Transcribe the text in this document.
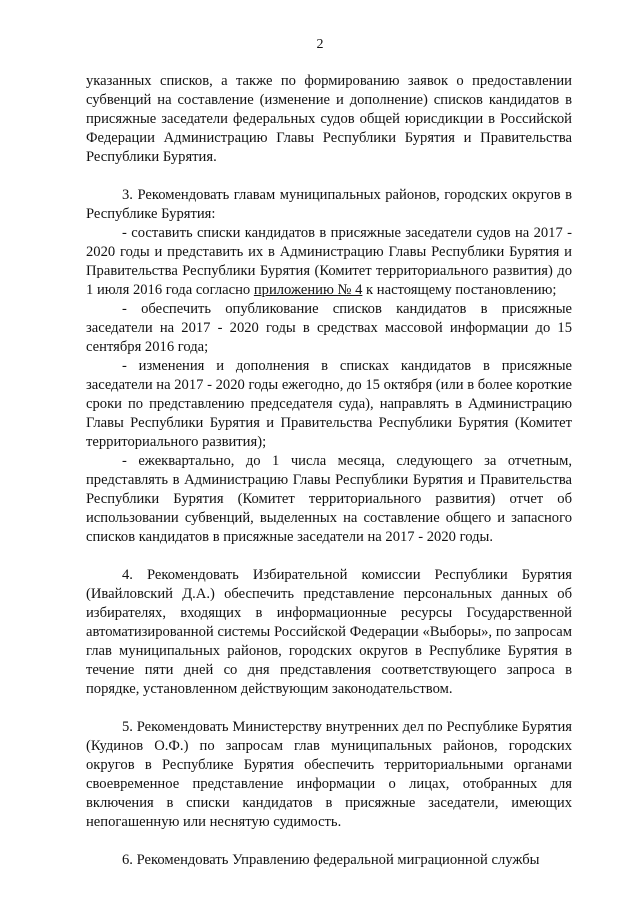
2

указанных списков, а также по формированию заявок о предоставлении субвенций на составление (изменение и дополнение) списков кандидатов в присяжные заседатели федеральных судов общей юрисдикции в Российской Федерации Администрацию Главы Республики Бурятия и Правительства Республики Бурятия.

3. Рекомендовать главам муниципальных районов, городских округов в Республике Бурятия:

- составить списки кандидатов в присяжные заседатели судов на 2017 - 2020 годы и представить их в Администрацию Главы Республики Бурятия и Правительства Республики Бурятия (Комитет территориального развития) до 1 июля 2016 года согласно приложению № 4 к настоящему постановлению;

- обеспечить опубликование списков кандидатов в присяжные заседатели на 2017 - 2020 годы в средствах массовой информации до 15 сентября 2016 года;

- изменения и дополнения в списках кандидатов в присяжные заседатели на 2017 - 2020 годы ежегодно, до 15 октября (или в более короткие сроки по представлению председателя суда), направлять в Администрацию Главы Республики Бурятия и Правительства Республики Бурятия (Комитет территориального развития);

- ежеквартально, до 1 числа месяца, следующего за отчетным, представлять в Администрацию Главы Республики Бурятия и Правительства Республики Бурятия (Комитет территориального развития) отчет об использовании субвенций, выделенных на составление общего и запасного списков кандидатов в присяжные заседатели на 2017 - 2020 годы.

4. Рекомендовать Избирательной комиссии Республики Бурятия (Ивайловский Д.А.) обеспечить представление персональных данных об избирателях, входящих в информационные ресурсы Государственной автоматизированной системы Российской Федерации «Выборы», по запросам глав муниципальных районов, городских округов в Республике Бурятия в течение пяти дней со дня представления соответствующего запроса в порядке, установленном действующим законодательством.

5. Рекомендовать Министерству внутренних дел по Республике Бурятия (Кудинов О.Ф.) по запросам глав муниципальных районов, городских округов в Республике Бурятия обеспечить территориальными органами своевременное представление информации о лицах, отобранных для включения в списки кандидатов в присяжные заседатели, имеющих непогашенную или неснятую судимость.

6. Рекомендовать Управлению федеральной миграционной службы
